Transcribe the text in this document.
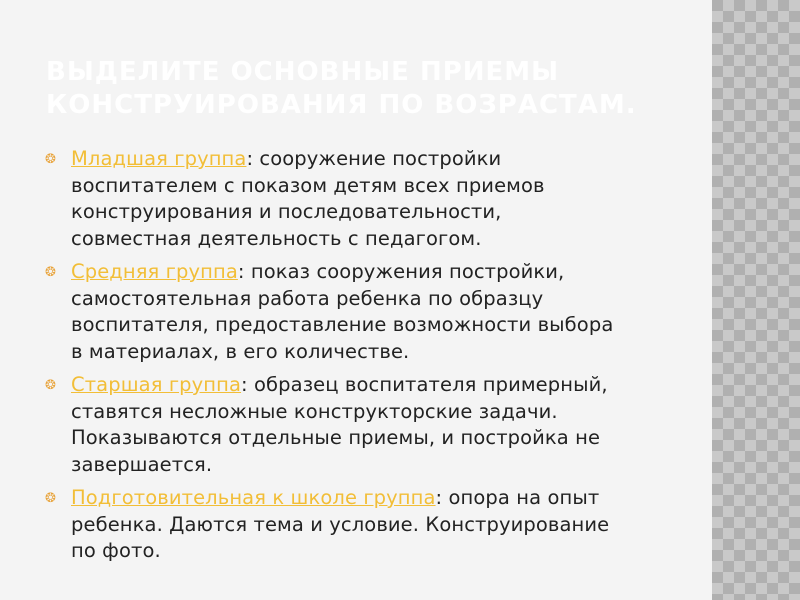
ВЫДЕЛИТЕ ОСНОВНЫЕ ПРИЕМЫ
КОНСТРУИРОВАНИЯ ПО ВОЗРАСТАМ.
❂ Младшая группа: сооружение постройки
воспитателем с показом детям всех приемов
конструирования и последовательности,
совместная деятельность с педагогом.
❂ Средняя группа: показ сооружения постройки,
самостоятельная работа ребенка по образцу
воспитателя, предоставление возможности выбора
в материалах, в его количестве.
❂ Старшая группа: образец воспитателя примерный,
ставятся несложные конструкторские задачи.
Показываются отдельные приемы, и постройка не
завершается.
❂ Подготовительная к школе группа: опора на опыт
ребенка. Даются тема и условие. Конструирование
по фото.
